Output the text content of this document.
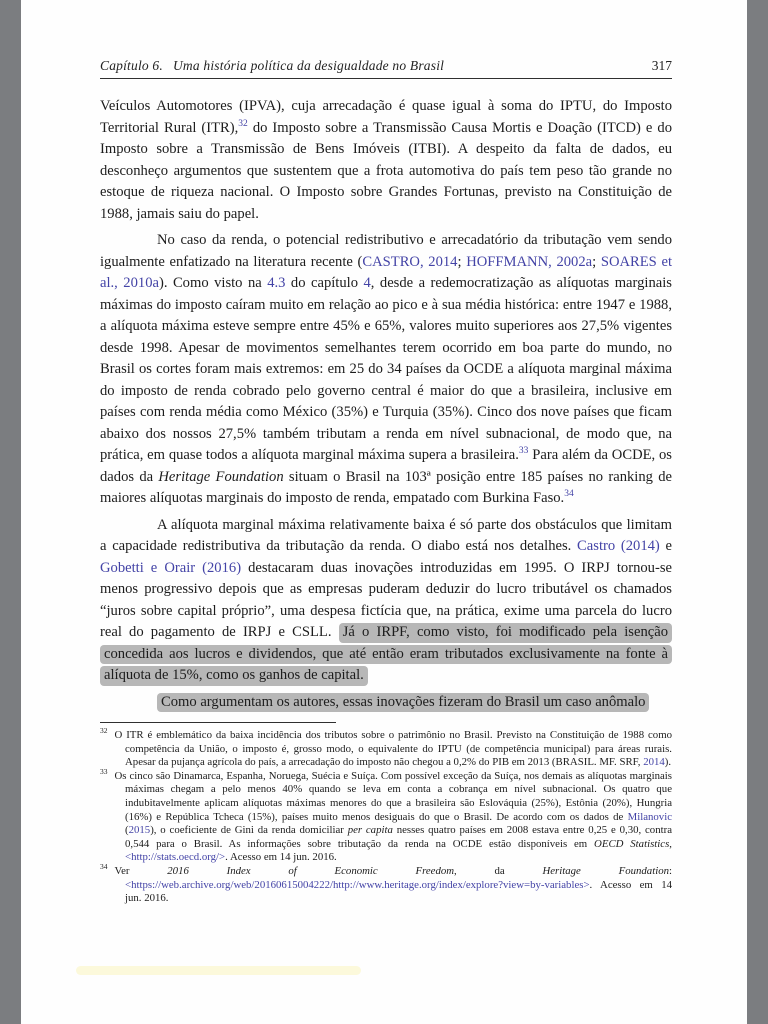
Capítulo 6. Uma história política da desigualdade no Brasil	317

Veículos Automotores (IPVA), cuja arrecadação é quase igual à soma do IPTU, do Imposto Territorial Rural (ITR),$^{32}$ do Imposto sobre a Transmissão Causa Mortis e Doação (ITCD) e do Imposto sobre a Transmissão de Bens Imóveis (ITBI). A despeito da falta de dados, eu desconheço argumentos que sustentem que a frota automotiva do país tem peso tão grande no estoque de riqueza nacional. O Imposto sobre Grandes Fortunas, previsto na Constituição de 1988, jamais saiu do papel.

No caso da renda, o potencial redistributivo e arrecadatório da tributação vem sendo igualmente enfatizado na literatura recente (CASTRO, 2014; HOFFMANN, 2002a; SOARES et al., 2010a). Como visto na 4.3 do capítulo 4, desde a redemocratização as alíquotas marginais máximas do imposto caíram muito em relação ao pico e à sua média histórica: entre 1947 e 1988, a alíquota máxima esteve sempre entre 45% e 65%, valores muito superiores aos 27,5% vigentes desde 1998. Apesar de movimentos semelhantes terem ocorrido em boa parte do mundo, no Brasil os cortes foram mais extremos: em 25 do 34 países da OCDE a alíquota marginal máxima do imposto de renda cobrado pelo governo central é maior do que a brasileira, inclusive em países com renda média como México (35%) e Turquia (35%). Cinco dos nove países que ficam abaixo dos nossos 27,5% também tributam a renda em nível subnacional, de modo que, na prática, em quase todos a alíquota marginal máxima supera a brasileira.$^{33}$ Para além da OCDE, os dados da Heritage Foundation situam o Brasil na 103ª posição entre 185 países no ranking de maiores alíquotas marginais do imposto de renda, empatado com Burkina Faso.$^{34}$

A alíquota marginal máxima relativamente baixa é só parte dos obstáculos que limitam a capacidade redistributiva da tributação da renda. O diabo está nos detalhes. Castro (2014) e Gobetti e Orair (2016) destacaram duas inovações introduzidas em 1995. O IRPJ tornou-se menos progressivo depois que as empresas puderam deduzir do lucro tributável os chamados “juros sobre capital próprio”, uma despesa fictícia que, na prática, exime uma parcela do lucro real do pagamento de IRPJ e CSLL. Já o IRPF, como visto, foi modificado pela isenção concedida aos lucros e dividendos, que até então eram tributados exclusivamente na fonte à alíquota de 15%, como os ganhos de capital.

Como argumentam os autores, essas inovações fizeram do Brasil um caso anômalo

$^{32}$ O ITR é emblemático da baixa incidência dos tributos sobre o patrimônio no Brasil. Previsto na Constituição de 1988 como competência da União, o imposto é, grosso modo, o equivalente do IPTU (de competência municipal) para áreas rurais. Apesar da pujança agrícola do país, a arrecadação do imposto não chegou a 0,2% do PIB em 2013 (BRASIL. MF. SRF, 2014).
$^{33}$ Os cinco são Dinamarca, Espanha, Noruega, Suécia e Suíça. Com possível exceção da Suíça, nos demais as alíquotas marginais máximas chegam a pelo menos 40% quando se leva em conta a cobrança em nível subnacional. Os quatro que indubitavelmente aplicam alíquotas máximas menores do que a brasileira são Eslováquia (25%), Estônia (20%), Hungria (16%) e República Tcheca (15%), países muito menos desiguais do que o Brasil. De acordo com os dados de Milanovic (2015), o coeficiente de Gini da renda domiciliar per capita nesses quatro países em 2008 estava entre 0,25 e 0,30, contra 0,544 para o Brasil. As informações sobre tributação da renda na OCDE estão disponíveis em OECD Statistics, <http://stats.oecd.org/>. Acesso em 14 jun. 2016.
$^{34}$ Ver 2016 Index of Economic Freedom, da Heritage Foundation: <https://web.archive.org/web/20160615004222/http://www.heritage.org/index/explore?view=by-variables>. Acesso em 14 jun. 2016.
